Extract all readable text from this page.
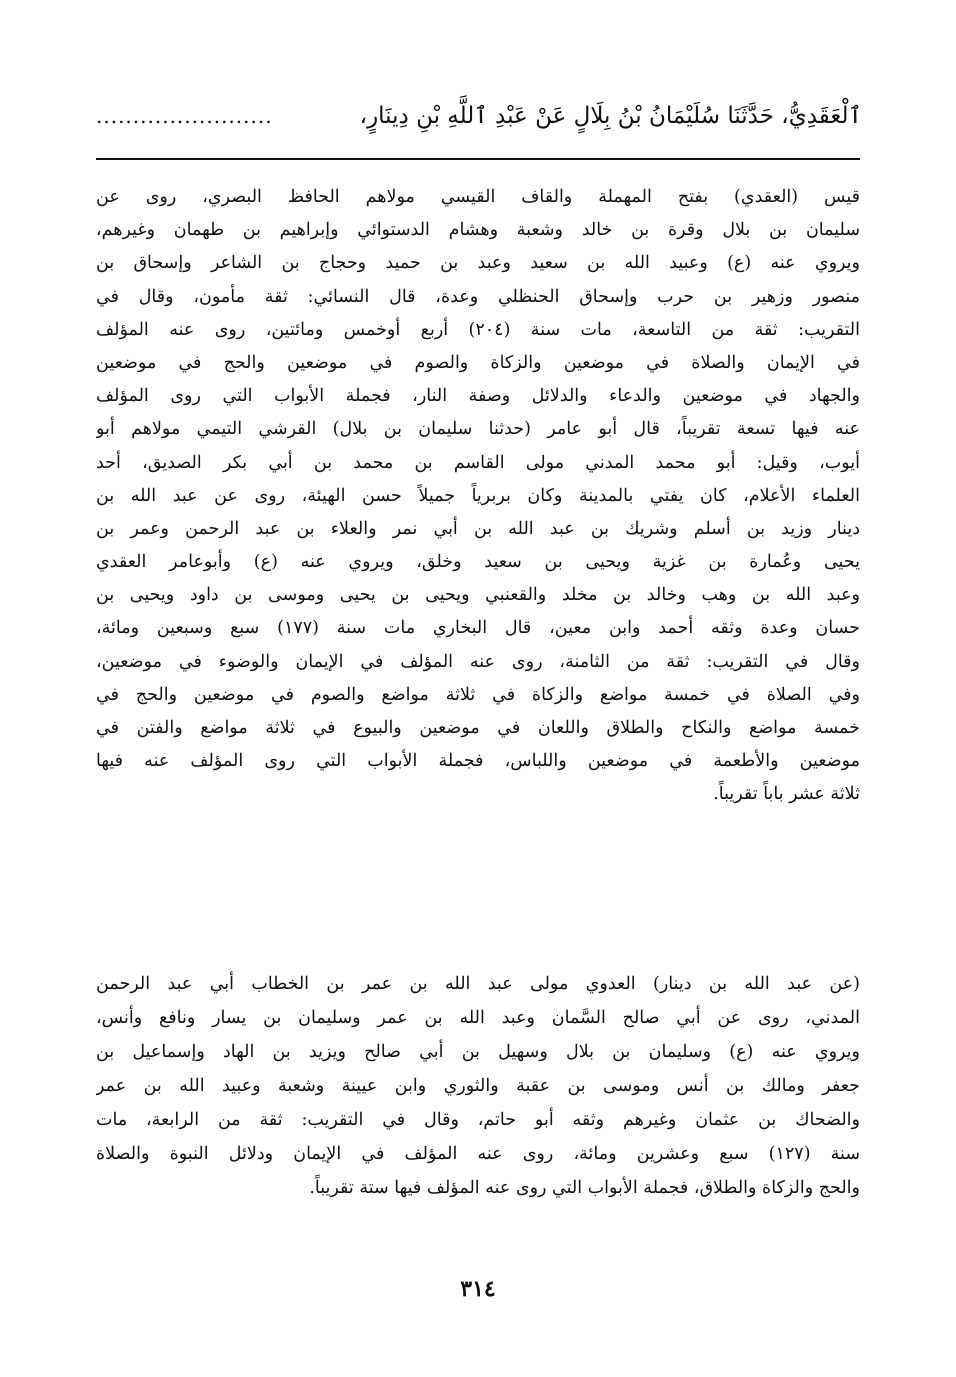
ٱلْعَقَدِيُّ، حَدَّثَنَا سُلَيْمَانُ بْنُ بِلَالٍ عَنْ عَبْدِ ٱللَّهِ بْنِ دِينَارٍ،
........................
قيس (العقدي) بفتح المهملة والقاف القيسي مولاهم الحافظ البصري، روى عن
سليمان بن بلال وقرة بن خالد وشعبة وهشام الدستوائي وإبراهيم بن طهمان وغيرهم،
ويروي عنه (ع) وعبيد الله بن سعيد وعبد بن حميد وحجاج بن الشاعر وإسحاق بن
منصور وزهير بن حرب وإسحاق الحنظلي وعدة، قال النسائي: ثقة مأمون، وقال في
التقريب: ثقة من التاسعة، مات سنة (٢٠٤) أربع أوخمس ومائتين، روى عنه المؤلف
في الإيمان والصلاة في موضعين والزكاة والصوم في موضعين والحج في موضعين
والجهاد في موضعين والدعاء والدلائل وصفة النار، فجملة الأبواب التي روى المؤلف
عنه فيها تسعة تقريباً، قال أبو عامر (حدثنا سليمان بن بلال) القرشي التيمي مولاهم أبو
أيوب، وقيل: أبو محمد المدني مولى القاسم بن محمد بن أبي بكر الصديق، أحد
العلماء الأعلام، كان يفتي بالمدينة وكان بربرياً جميلاً حسن الهيئة، روى عن عبد الله بن
دينار وزيد بن أسلم وشريك بن عبد الله بن أبي نمر والعلاء بن عبد الرحمن وعمر بن
يحيى وعُمارة بن غزية ويحيى بن سعيد وخلق، ويروي عنه (ع) وأبوعامر العقدي
وعبد الله بن وهب وخالد بن مخلد والقعنبي ويحيى بن يحيى وموسى بن داود ويحيى بن
حسان وعدة وثقه أحمد وابن معين، قال البخاري مات سنة (١٧٧) سبع وسبعين ومائة،
وقال في التقريب: ثقة من الثامنة، روى عنه المؤلف في الإيمان والوضوء في موضعين،
وفي الصلاة في خمسة مواضع والزكاة في ثلاثة مواضع والصوم في موضعين والحج في
خمسة مواضع والنكاح والطلاق واللعان في موضعين والبيوع في ثلاثة مواضع والفتن في
موضعين والأطعمة في موضعين واللباس، فجملة الأبواب التي روى المؤلف عنه فيها
ثلاثة عشر باباً تقريباً.
(عن عبد الله بن دينار) العدوي مولى عبد الله بن عمر بن الخطاب أبي عبد الرحمن
المدني، روى عن أبي صالح السَّمان وعبد الله بن عمر وسليمان بن يسار ونافع وأنس،
ويروي عنه (ع) وسليمان بن بلال وسهيل بن أبي صالح ويزيد بن الهاد وإسماعيل بن
جعفر ومالك بن أنس وموسى بن عقبة والثوري وابن عيينة وشعبة وعبيد الله بن عمر
والضحاك بن عثمان وغيرهم وثقه أبو حاتم، وقال في التقريب: ثقة من الرابعة، مات
سنة (١٢٧) سبع وعشرين ومائة، روى عنه المؤلف في الإيمان ودلائل النبوة والصلاة
والحج والزكاة والطلاق، فجملة الأبواب التي روى عنه المؤلف فيها ستة تقريباً.
٣١٤
